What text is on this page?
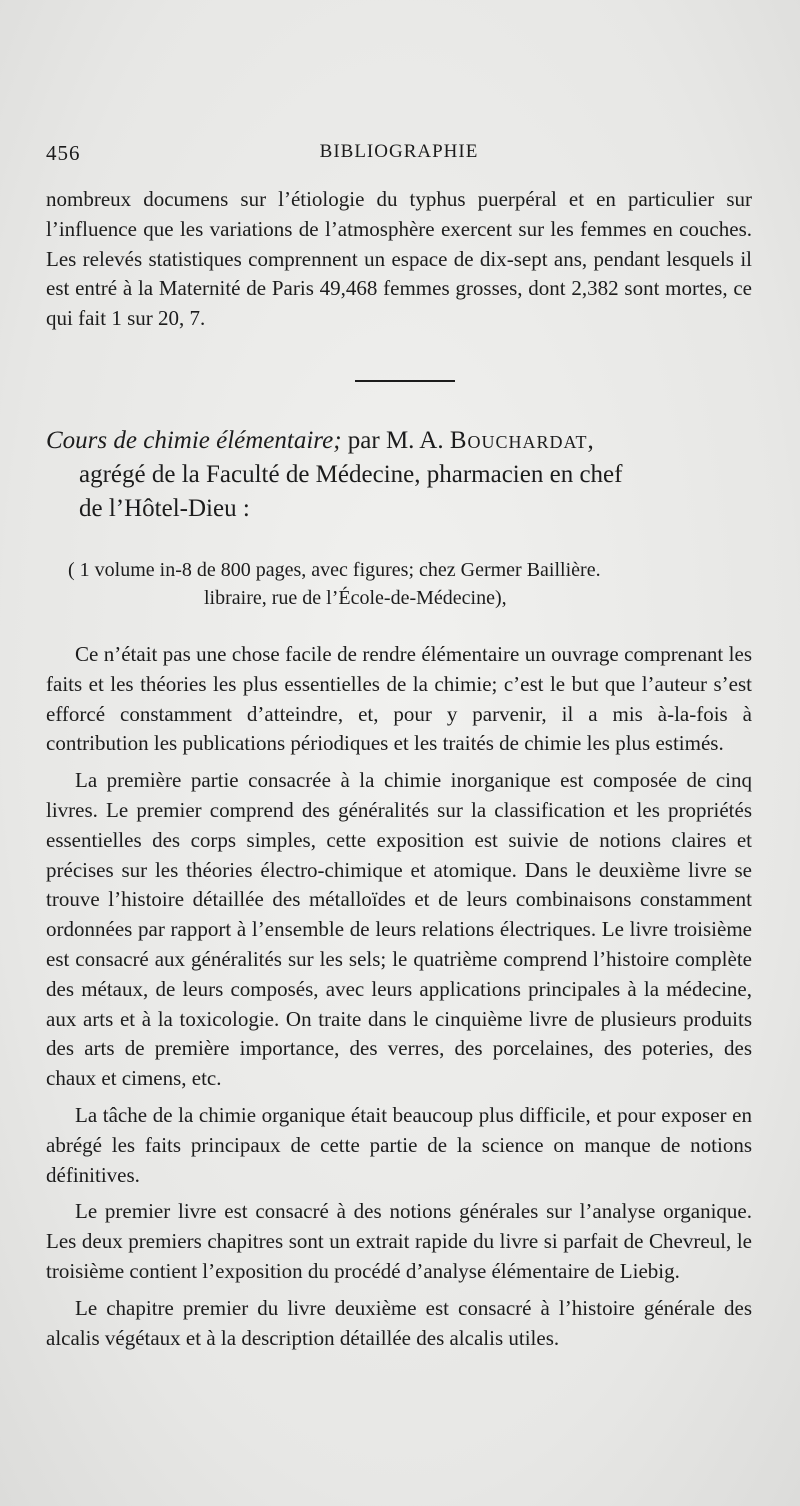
456	BIBLIOGRAPHIE
nombreux documens sur l’étiologie du typhus puerpéral et en particulier sur l’influence que les variations de l’atmosphère exercent sur les femmes en couches. Les relevés statistiques comprennent un espace de dix-sept ans, pendant lesquels il est entré à la Maternité de Paris 49,468 femmes grosses, dont 2,382 sont mortes, ce qui fait 1 sur 20, 7.
Cours de chimie élémentaire; par M. A. Bouchardat,
agrégé de la Faculté de Médecine, pharmacien en chef
de l’Hôtel-Dieu :
( 1 volume in-8 de 800 pages, avec figures; chez Germer Baillière.
libraire, rue de l’École-de-Médecine),

Ce n’était pas une chose facile de rendre élémentaire un ouvrage comprenant les faits et les théories les plus essentielles de la chimie; c’est le but que l’auteur s’est efforcé constamment d’atteindre, et, pour y parvenir, il a mis à-la-fois à contribution les publications périodiques et les traités de chimie les plus estimés.

La première partie consacrée à la chimie inorganique est composée de cinq livres. Le premier comprend des généralités sur la classification et les propriétés essentielles des corps simples, cette exposition est suivie de notions claires et précises sur les théories électro-chimique et atomique. Dans le deuxième livre se trouve l’histoire détaillée des métalloïdes et de leurs combinaisons constamment ordonnées par rapport à l’ensemble de leurs relations électriques. Le livre troisième est consacré aux généralités sur les sels; le quatrième comprend l’histoire complète des métaux, de leurs composés, avec leurs applications principales à la médecine, aux arts et à la toxicologie. On traite dans le cinquième livre de plusieurs produits des arts de première importance, des verres, des porcelaines, des poteries, des chaux et cimens, etc.

La tâche de la chimie organique était beaucoup plus difficile, et pour exposer en abrégé les faits principaux de cette partie de la science on manque de notions définitives.

Le premier livre est consacré à des notions générales sur l’analyse organique. Les deux premiers chapitres sont un extrait rapide du livre si parfait de Chevreul, le troisième contient l’exposition du procédé d’analyse élémentaire de Liebig.

Le chapitre premier du livre deuxième est consacré à l’histoire générale des alcalis végétaux et à la description détaillée des alcalis utiles.
